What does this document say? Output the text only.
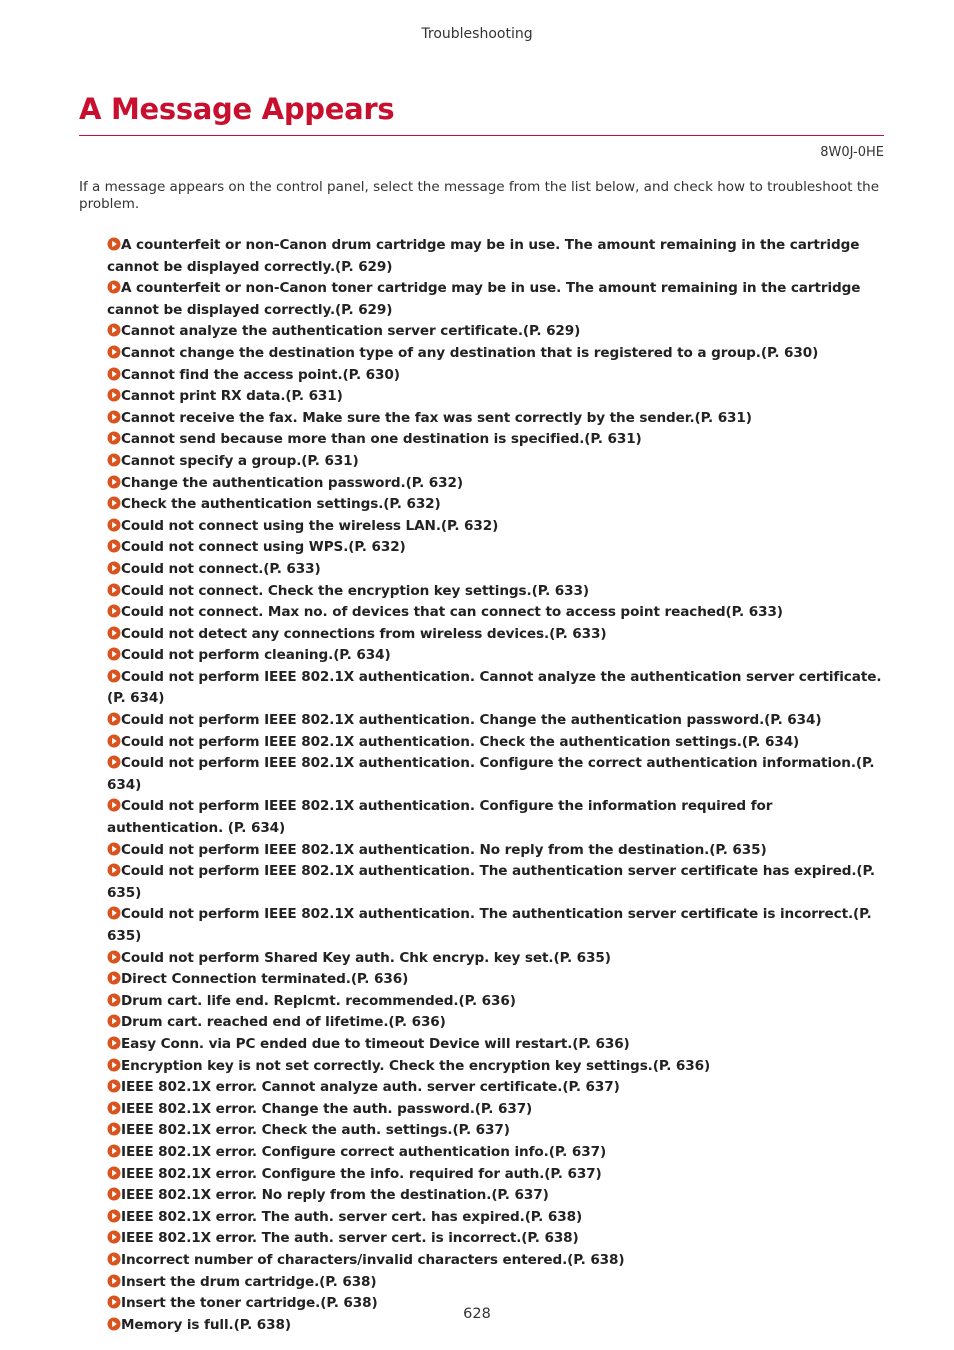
Troubleshooting
A Message Appears
8W0J-0HE

If a message appears on the control panel, select the message from the list below, and check how to troubleshoot the problem.

A counterfeit or non-Canon drum cartridge may be in use. The amount remaining in the cartridge cannot be displayed correctly.(P. 629)
A counterfeit or non-Canon toner cartridge may be in use. The amount remaining in the cartridge cannot be displayed correctly.(P. 629)
Cannot analyze the authentication server certificate.(P. 629)
Cannot change the destination type of any destination that is registered to a group.(P. 630)
Cannot find the access point.(P. 630)
Cannot print RX data.(P. 631)
Cannot receive the fax. Make sure the fax was sent correctly by the sender.(P. 631)
Cannot send because more than one destination is specified.(P. 631)
Cannot specify a group.(P. 631)
Change the authentication password.(P. 632)
Check the authentication settings.(P. 632)
Could not connect using the wireless LAN.(P. 632)
Could not connect using WPS.(P. 632)
Could not connect.(P. 633)
Could not connect. Check the encryption key settings.(P. 633)
Could not connect. Max no. of devices that can connect to access point reached(P. 633)
Could not detect any connections from wireless devices.(P. 633)
Could not perform cleaning.(P. 634)
Could not perform IEEE 802.1X authentication. Cannot analyze the authentication server certificate. (P. 634)
Could not perform IEEE 802.1X authentication. Change the authentication password.(P. 634)
Could not perform IEEE 802.1X authentication. Check the authentication settings.(P. 634)
Could not perform IEEE 802.1X authentication. Configure the correct authentication information.(P. 634)
Could not perform IEEE 802.1X authentication. Configure the information required for authentication. (P. 634)
Could not perform IEEE 802.1X authentication. No reply from the destination.(P. 635)
Could not perform IEEE 802.1X authentication. The authentication server certificate has expired.(P. 635)
Could not perform IEEE 802.1X authentication. The authentication server certificate is incorrect.(P. 635)
Could not perform Shared Key auth. Chk encryp. key set.(P. 635)
Direct Connection terminated.(P. 636)
Drum cart. life end. Replcmt. recommended.(P. 636)
Drum cart. reached end of lifetime.(P. 636)
Easy Conn. via PC ended due to timeout Device will restart.(P. 636)
Encryption key is not set correctly. Check the encryption key settings.(P. 636)
IEEE 802.1X error. Cannot analyze auth. server certificate.(P. 637)
IEEE 802.1X error. Change the auth. password.(P. 637)
IEEE 802.1X error. Check the auth. settings.(P. 637)
IEEE 802.1X error. Configure correct authentication info.(P. 637)
IEEE 802.1X error. Configure the info. required for auth.(P. 637)
IEEE 802.1X error. No reply from the destination.(P. 637)
IEEE 802.1X error. The auth. server cert. has expired.(P. 638)
IEEE 802.1X error. The auth. server cert. is incorrect.(P. 638)
Incorrect number of characters/invalid characters entered.(P. 638)
Insert the drum cartridge.(P. 638)
Insert the toner cartridge.(P. 638)
Memory is full.(P. 638)
628
